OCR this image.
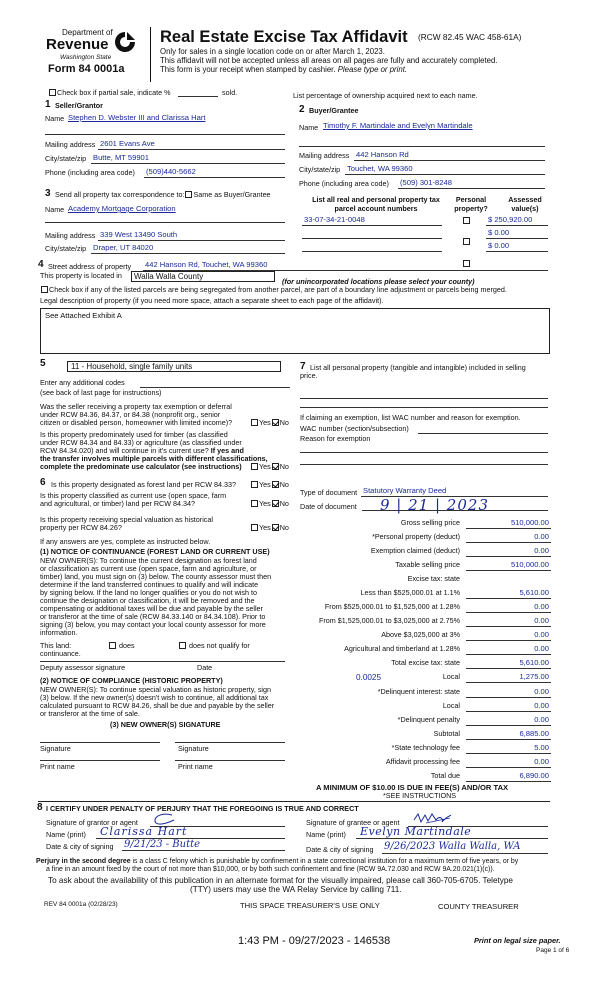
Department of
Revenue
Washington State
Form 84 0001a
Real Estate Excise Tax Affidavit (RCW 82.45 WAC 458-61A)
Only for sales in a single location code on or after March 1, 2023.
This affidavit will not be accepted unless all areas on all pages are fully and accurately completed.
This form is your receipt when stamped by cashier. Please type or print.
Check box if partial sale, indicate %	sold.	List percentage of ownership acquired next to each name.
1 Seller/Grantor
Name Stephen D. Webster III and Clarissa Hart
Mailing address 2601 Evans Ave
City/state/zip Butte, MT 59901
Phone (including area code) (509)440-5662
2 Buyer/Grantee
Name Timothy F. Martindale and Evelyn Martindale
Mailing address 442 Hanson Rd
City/state/zip Touchet, WA 99360
Phone (including area code) (509) 301-8248
3 Send all property tax correspondence to: Same as Buyer/Grantee
Name Academy Mortgage Corporation
Mailing address 339 West 13490 South
City/state/zip Draper, UT 84020
List all real and personal property tax
parcel account numbers
Personal
property?
Assessed
value(s)
33-07-34-21-0048	$ 250,920.00
$ 0.00
$ 0.00
4 Street address of property 442 Hanson Rd, Touchet, WA 99360
This property is located in Walla Walla County
(for unincorporated locations please select your county)
Check box if any of the listed parcels are being segregated from another parcel, are part of a boundary line adjustment or parcels being merged.
Legal description of property (if you need more space, attach a separate sheet to each page of the affidavit).
See Attached Exhibit A
5	11 - Household, single family units
Enter any additional codes
(see back of last page for instructions)
Was the seller receiving a property tax exemption or deferral
under RCW 84.36, 84.37, or 84.38 (nonprofit org., senior
citizen or disabled person, homeowner with limited income)?	Yes No
Is this property predominately used for timber (as classified
under RCW 84.34 and 84.33) or agriculture (as classified under
RCW 84.34.020) and will continue in it's current use? If yes and
the transfer involves multiple parcels with different classifications,
complete the predominate use calculator (see instructions)	Yes No
7 List all personal property (tangible and intangible) included in selling
price.
If claiming an exemption, list WAC number and reason for exemption.
WAC number (section/subsection)
Reason for exemption
6 Is this property designated as forest land per RCW 84.33?	Yes No
Is this property classified as current use (open space, farm
and agricultural, or timber) land per RCW 84.34?	Yes No
Is this property receiving special valuation as historical
property per RCW 84.26?	Yes No
If any answers are yes, complete as instructed below.
(1) NOTICE OF CONTINUANCE (FOREST LAND OR CURRENT USE)
NEW OWNER(S): To continue the current designation as forest land
or classification as current use (open space, farm and agriculture, or
timber) land, you must sign on (3) below. The county assessor must then
determine if the land transferred continues to qualify and will indicate
by signing below. If the land no longer qualifies or you do not wish to
continue the designation or classification, it will be removed and the
compensating or additional taxes will be due and payable by the seller
or transferor at the time of sale (RCW 84.33.140 or 84.34.108). Prior to
signing (3) below, you may contact your local county assessor for more
information.
This land:	does	does not qualify for
continuance.
Deputy assessor signature	Date
(2) NOTICE OF COMPLIANCE (HISTORIC PROPERTY)
NEW OWNER(S): To continue special valuation as historic property, sign
(3) below. If the new owner(s) doesn't wish to continue, all additional tax
calculated pursuant to RCW 84.26, shall be due and payable by the seller
or transferor at the time of sale.
(3) NEW OWNER(S) SIGNATURE
Signature	Signature
Print name	Print name
Type of document Statutory Warranty Deed
Date of document 9 | 21 | 2023
Gross selling price	510,000.00
*Personal property (deduct)	0.00
Exemption claimed (deduct)	0.00
Taxable selling price	510,000.00
Excise tax: state
Less than $525,000.01 at 1.1%	5,610.00
From $525,000.01 to $1,525,000 at 1.28%	0.00
From $1,525,000.01 to $3,025,000 at 2.75%	0.00
Above $3,025,000 at 3%	0.00
Agricultural and timberland at 1.28%	0.00
Total excise tax: state	5,610.00
0.0025	Local	1,275.00
*Delinquent interest: state	0.00
Local	0.00
*Delinquent penalty	0.00
Subtotal	6,885.00
*State technology fee	5.00
Affidavit processing fee	0.00
Total due	6,890.00
A MINIMUM OF $10.00 IS DUE IN FEE(S) AND/OR TAX
*SEE INSTRUCTIONS
8 I CERTIFY UNDER PENALTY OF PERJURY THAT THE FOREGOING IS TRUE AND CORRECT
Signature of grantor or agent
Name (print) Clarissa Hart
Date & city of signing 9/21/23 - Butte
Signature of grantee or agent
Name (print) Evelyn Martindale
Date & city of signing 9/26/2023 Walla Walla, WA
Perjury in the second degree is a class C felony which is punishable by confinement in a state correctional institution for a maximum term of five years, or by
a fine in an amount fixed by the court of not more than $10,000, or by both such confinement and fine (RCW 9A.72.030 and RCW 9A.20.021(1)(c)).
To ask about the availability of this publication in an alternate format for the visually impaired, please call 360-705-6705. Teletype
(TTY) users may use the WA Relay Service by calling 711.
REV 84 0001a (02/28/23)	THIS SPACE TREASURER'S USE ONLY	COUNTY TREASURER
1:43 PM - 09/27/2023 - 146538	Print on legal size paper.
Page 1 of 6
